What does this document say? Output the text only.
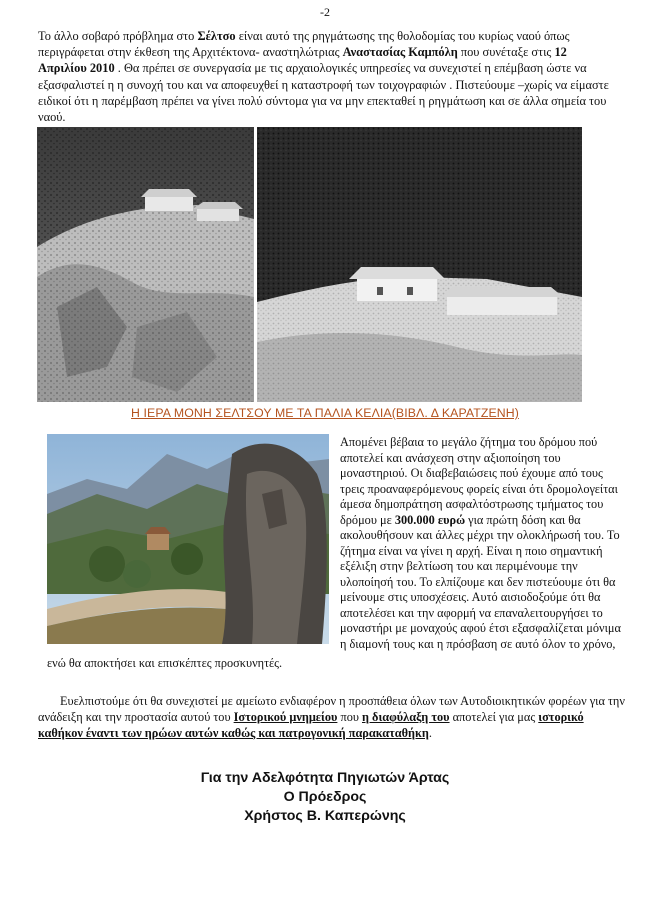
-2
Το άλλο σοβαρό πρόβλημα στο Σέλτσο είναι αυτό της ρηγμάτωσης της θολοδομίας του κυρίως ναού όπως περιγράφεται στην έκθεση της Αρχιτέκτονα- αναστηλώτριας Αναστασίας Καμπόλη που συνέταξε στις 12 Απριλίου 2010 . Θα πρέπει σε συνεργασία με τις αρχαιολογικές υπηρεσίες να συνεχιστεί η επέμβαση ώστε να εξασφαλιστεί η η συνοχή του και να αποφευχθεί η καταστροφή των τοιχογραφιών . Πιστεύουμε –χωρίς να είμαστε ειδικοί ότι η παρέμβαση πρέπει να γίνει πολύ σύντομα για να μην επεκταθεί η ρηγμάτωση και σε άλλα σημεία του ναού.
Η ΙΕΡΑ ΜΟΝΗ ΣΕΛΤΣΟΥ ΜΕ ΤΑ ΠΑΛΙΑ ΚΕΛΙΑ(ΒΙΒΛ. Δ ΚΑΡΑΤΖΕΝΗ)
Απομένει βέβαια το μεγάλο ζήτημα του δρόμου πού αποτελεί και ανάσχεση στην αξιοποίηση του μοναστηριού. Οι διαβεβαιώσεις πού έχουμε από τους τρεις προαναφερόμενους φορείς είναι ότι δρομολογείται άμεσα δημοπράτηση ασφαλτόστρωσης τμήματος του δρόμου με 300.000 ευρώ για πρώτη δόση και θα ακολουθήσουν και άλλες μέχρι την ολοκλήρωσή του. Το ζήτημα είναι να γίνει η αρχή. Είναι η ποιο σημαντική εξέλιξη στην βελτίωση του και περιμένουμε την υλοποίησή του. Το ελπίζουμε και δεν πιστεύουμε ότι θα μείνουμε στις υποσχέσεις. Αυτό αισιοδοξούμε ότι θα αποτελέσει και την αφορμή να επαναλειτουργήσει το μοναστήρι με μοναχούς αφού έτσι εξασφαλίζεται μόνιμα η διαμονή τους και η πρόσβαση σε αυτό όλον το χρόνο,
ενώ θα αποκτήσει και επισκέπτες προσκυνητές.
Ευελπιστούμε ότι θα συνεχιστεί με αμείωτο ενδιαφέρον η προσπάθεια όλων των Αυτοδιοικητικών φορέων για την ανάδειξη και την προστασία αυτού του Ιστορικού μνημείου που η διαφύλαξη του αποτελεί για μας ιστορικό καθήκον έναντι των ηρώων αυτών καθώς και πατρογονική παρακαταθήκη.
Για την Αδελφότητα Πηγιωτών Άρτας
Ο Πρόεδρος
Χρήστος Β. Καπερώνης
